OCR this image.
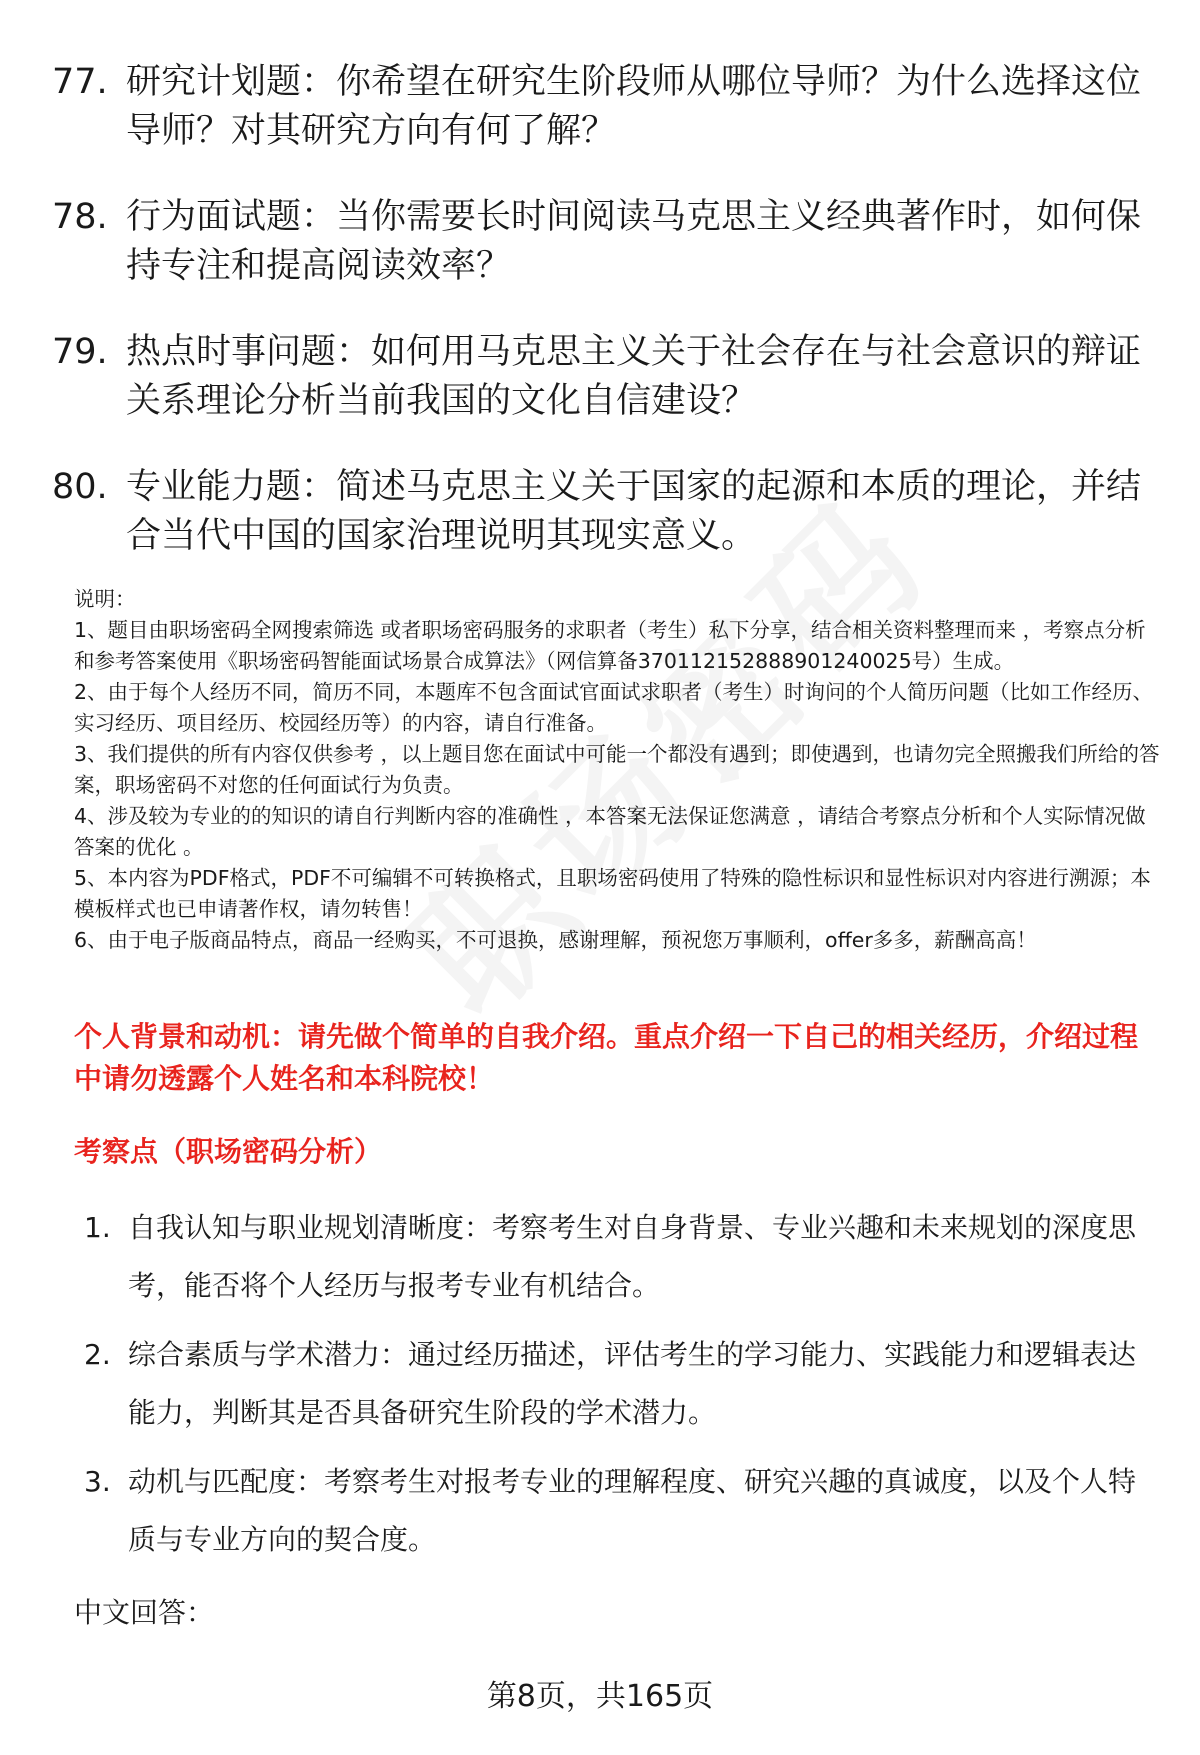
77. 研究计划题：你希望在研究生阶段师从哪位导师？为什么选择这位导师？对其研究方向有何了解？
78. 行为面试题：当你需要长时间阅读马克思主义经典著作时，如何保持专注和提高阅读效率？
79. 热点时事问题：如何用马克思主义关于社会存在与社会意识的辩证关系理论分析当前我国的文化自信建设？
80. 专业能力题：简述马克思主义关于国家的起源和本质的理论，并结合当代中国的国家治理说明其现实意义。

说明：

1、题目由职场密码全网搜索筛选 或者职场密码服务的求职者（考生）私下分享，结合相关资料整理而来 ，考察点分析和参考答案使用《职场密码智能面试场景合成算法》（网信算备370112152888901240025号）生成。

2、由于每个人经历不同，简历不同，本题库不包含面试官面试求职者（考生）时询问的个人简历问题（比如工作经历、实习经历、项目经历、校园经历等）的内容，请自行准备。

3、我们提供的所有内容仅供参考 ，以上题目您在面试中可能一个都没有遇到；即使遇到，也请勿完全照搬我们所给的答案，职场密码不对您的任何面试行为负责。

4、涉及较为专业的的知识的请自行判断内容的准确性 ，本答案无法保证您满意 ，请结合考察点分析和个人实际情况做答案的优化 。

5、本内容为PDF格式，PDF不可编辑不可转换格式，且职场密码使用了特殊的隐性标识和显性标识对内容进行溯源；本模板样式也已申请著作权，请勿转售！

6、由于电子版商品特点，商品一经购买，不可退换，感谢理解，预祝您万事顺利，offer多多，薪酬高高！

个人背景和动机：请先做个简单的自我介绍。重点介绍一下自己的相关经历，介绍过程中请勿透露个人姓名和本科院校！
考察点（职场密码分析）
1. 自我认知与职业规划清晰度：考察考生对自身背景、专业兴趣和未来规划的深度思考，能否将个人经历与报考专业有机结合。
2. 综合素质与学术潜力：通过经历描述，评估考生的学习能力、实践能力和逻辑表达能力，判断其是否具备研究生阶段的学术潜力。
3. 动机与匹配度：考察考生对报考专业的理解程度、研究兴趣的真诚度，以及个人特质与专业方向的契合度。
中文回答：
第8页，共165页
